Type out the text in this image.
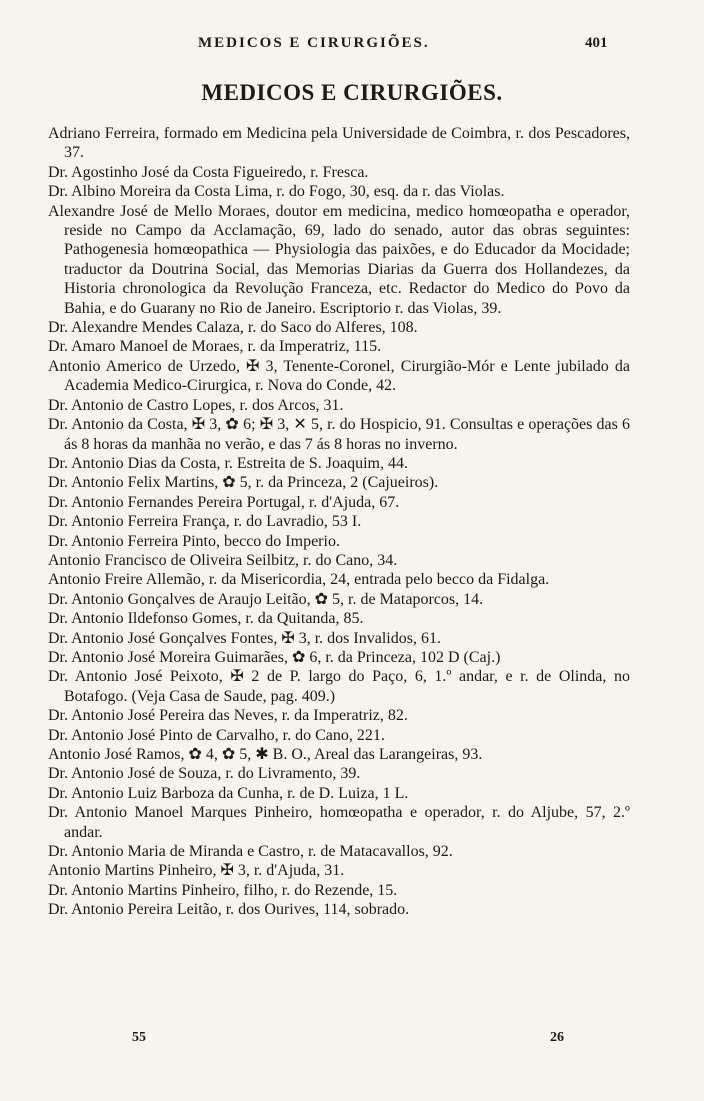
MEDICOS E CIRURGIÕES.	401
MEDICOS E CIRURGIÕES.
Adriano Ferreira, formado em Medicina pela Universidade de Coimbra, r. dos Pescadores, 37.
Dr. Agostinho José da Costa Figueiredo, r. Fresca.
Dr. Albino Moreira da Costa Lima, r. do Fogo, 30, esq. da r. das Violas.
Alexandre José de Mello Moraes, doutor em medicina, medico homœopatha e operador, reside no Campo da Acclamação, 69, lado do senado, autor das obras seguintes: Pathogenesia homœopathica — Physiologia das paixões, e do Educador da Mocidade; traductor da Doutrina Social, das Memorias Diarias da Guerra dos Hollandezes, da Historia chronologica da Revolução Franceza, etc. Redactor do Medico do Povo da Bahia, e do Guarany no Rio de Janeiro. Escriptorio r. das Violas, 39.
Dr. Alexandre Mendes Calaza, r. do Saco do Alferes, 108.
Dr. Amaro Manoel de Moraes, r. da Imperatriz, 115.
Antonio Americo de Urzedo, ✠ 3, Tenente-Coronel, Cirurgião-Mór e Lente jubilado da Academia Medico-Cirurgica, r. Nova do Conde, 42.
Dr. Antonio de Castro Lopes, r. dos Arcos, 31.
Dr. Antonio da Costa, ✠ 3, ✿ 6; ✠ 3, ✕ 5, r. do Hospicio, 91. Consultas e operações das 6 ás 8 horas da manhãa no verão, e das 7 ás 8 horas no inverno.
Dr. Antonio Dias da Costa, r. Estreita de S. Joaquim, 44.
Dr. Antonio Felix Martins, ✿ 5, r. da Princeza, 2 (Cajueiros).
Dr. Antonio Fernandes Pereira Portugal, r. d'Ajuda, 67.
Dr. Antonio Ferreira França, r. do Lavradio, 53 I.
Dr. Antonio Ferreira Pinto, becco do Imperio.
Antonio Francisco de Oliveira Seilbitz, r. do Cano, 34.
Antonio Freire Allemão, r. da Misericordia, 24, entrada pelo becco da Fidalga.
Dr. Antonio Gonçalves de Araujo Leitão, ✿ 5, r. de Mataporcos, 14.
Dr. Antonio Ildefonso Gomes, r. da Quitanda, 85.
Dr. Antonio José Gonçalves Fontes, ✠ 3, r. dos Invalidos, 61.
Dr. Antonio José Moreira Guimarães, ✿ 6, r. da Princeza, 102 D (Caj.)
Dr. Antonio José Peixoto, ✠ 2 de P. largo do Paço, 6, 1.º andar, e r. de Olinda, no Botafogo. (Veja Casa de Saude, pag. 409.)
Dr. Antonio José Pereira das Neves, r. da Imperatriz, 82.
Dr. Antonio José Pinto de Carvalho, r. do Cano, 221.
Antonio José Ramos, ✿ 4, ✿ 5, ✱ B. O., Areal das Larangeiras, 93.
Dr. Antonio José de Souza, r. do Livramento, 39.
Dr. Antonio Luiz Barboza da Cunha, r. de D. Luiza, 1 L.
Dr. Antonio Manoel Marques Pinheiro, homœopatha e operador, r. do Aljube, 57, 2.º andar.
Dr. Antonio Maria de Miranda e Castro, r. de Matacavallos, 92.
Antonio Martins Pinheiro, ✠ 3, r. d'Ajuda, 31.
Dr. Antonio Martins Pinheiro, filho, r. do Rezende, 15.
Dr. Antonio Pereira Leitão, r. dos Ourives, 114, sobrado.
55	26
